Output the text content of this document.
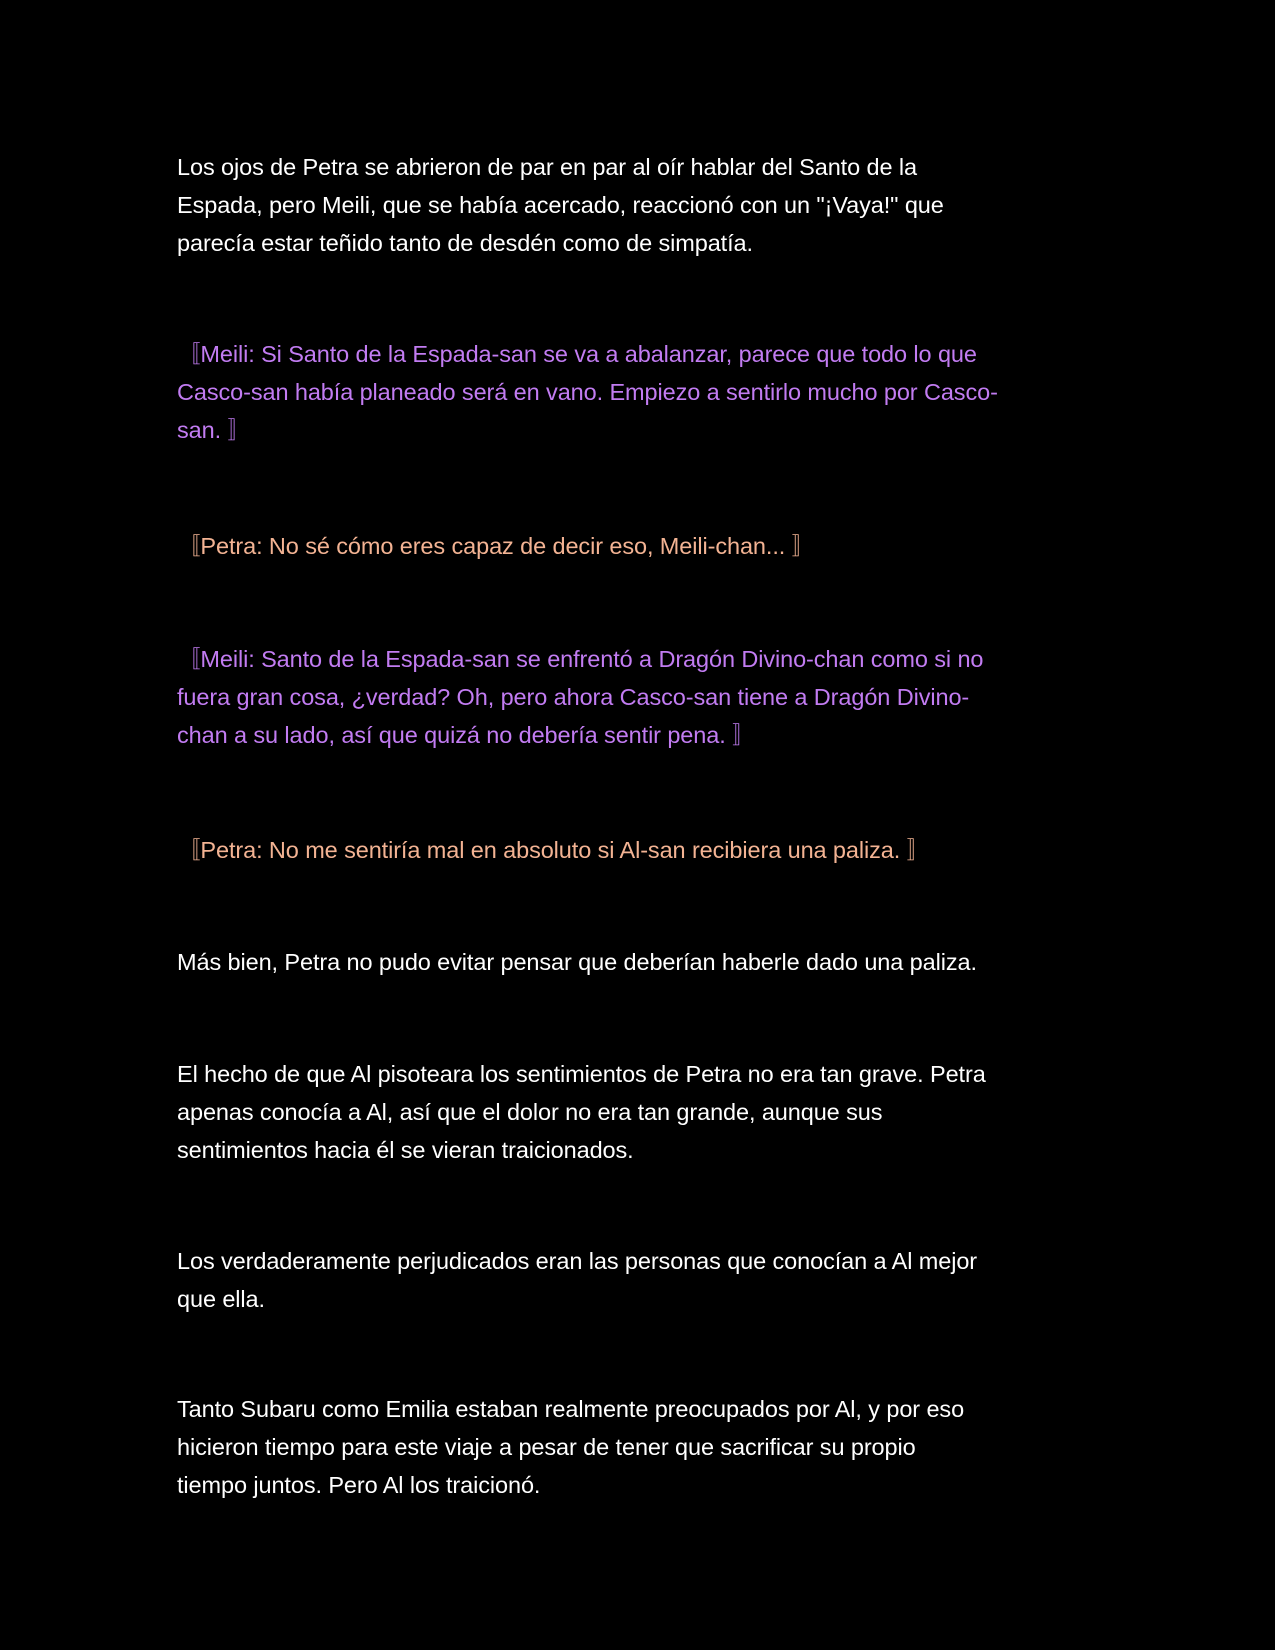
Los ojos de Petra se abrieron de par en par al oír hablar del Santo de la
Espada, pero Meili, que se había acercado, reaccionó con un "¡Vaya!" que
parecía estar teñido tanto de desdén como de simpatía.

〚Meili: Si Santo de la Espada-san se va a abalanzar, parece que todo lo que
Casco-san había planeado será en vano. Empiezo a sentirlo mucho por Casco-
san. 〛

〚Petra: No sé cómo eres capaz de decir eso, Meili-chan... 〛

〚Meili: Santo de la Espada-san se enfrentó a Dragón Divino-chan como si no
fuera gran cosa, ¿verdad? Oh, pero ahora Casco-san tiene a Dragón Divino-
chan a su lado, así que quizá no debería sentir pena. 〛

〚Petra: No me sentiría mal en absoluto si Al-san recibiera una paliza. 〛

Más bien, Petra no pudo evitar pensar que deberían haberle dado una paliza.

El hecho de que Al pisoteara los sentimientos de Petra no era tan grave. Petra
apenas conocía a Al, así que el dolor no era tan grande, aunque sus
sentimientos hacia él se vieran traicionados.

Los verdaderamente perjudicados eran las personas que conocían a Al mejor
que ella.

Tanto Subaru como Emilia estaban realmente preocupados por Al, y por eso
hicieron tiempo para este viaje a pesar de tener que sacrificar su propio
tiempo juntos. Pero Al los traicionó.
